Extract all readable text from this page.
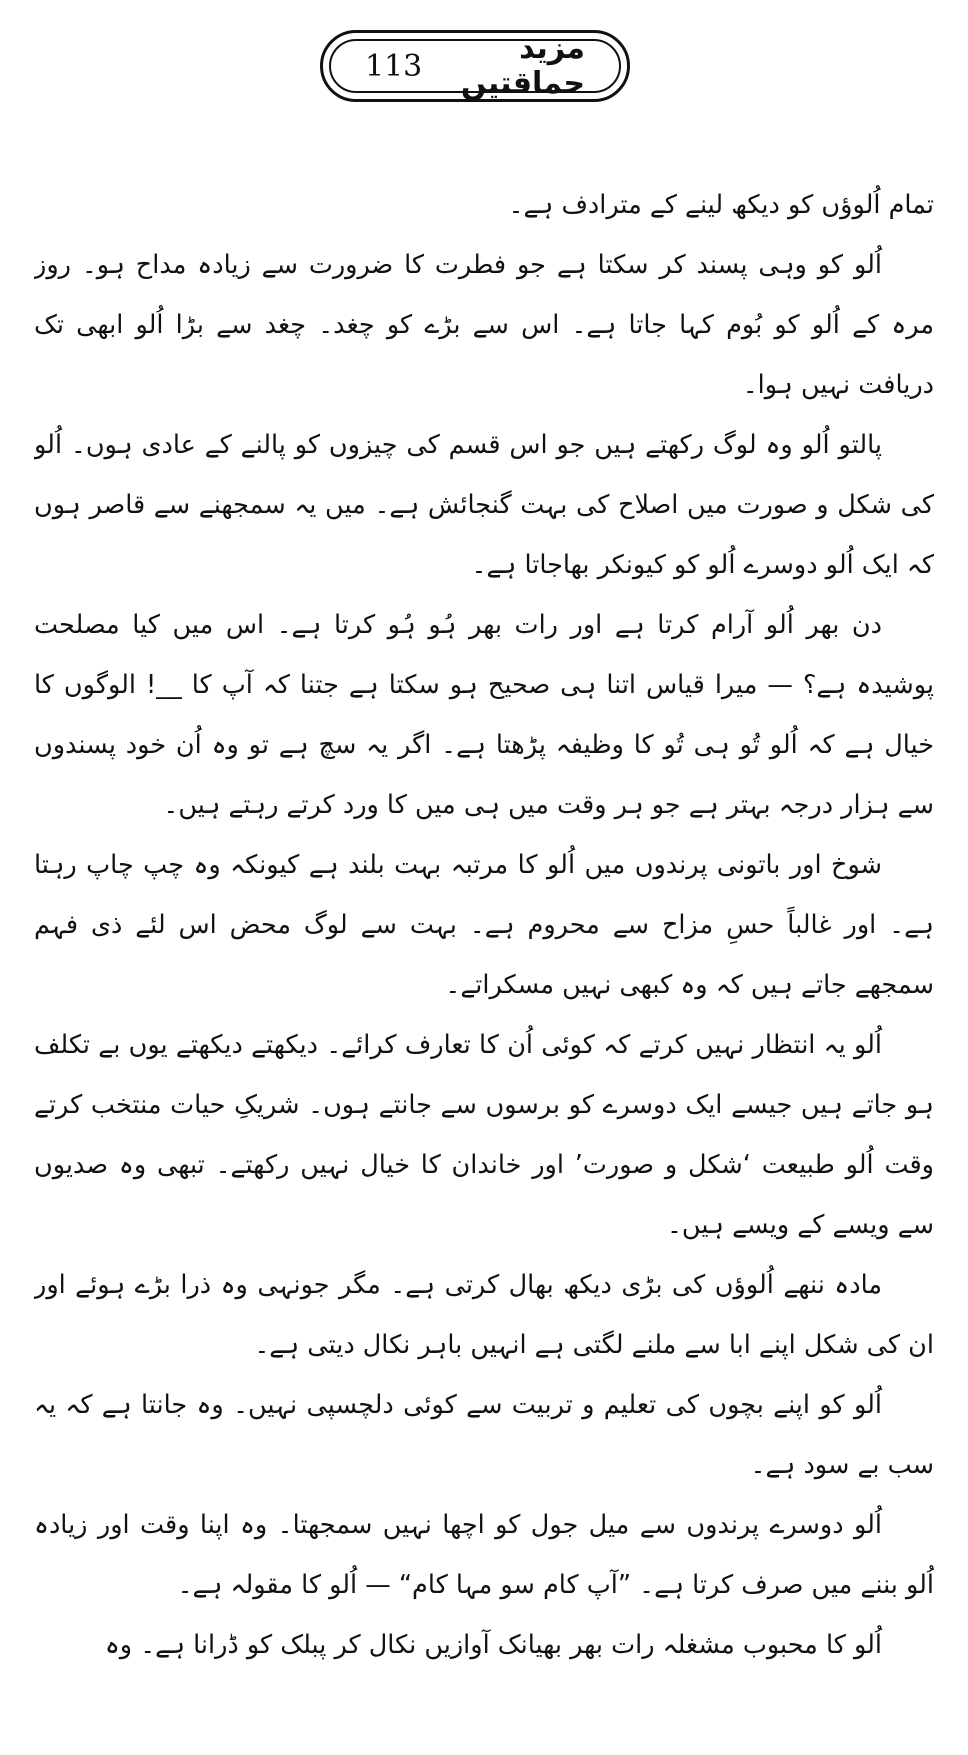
113	مزید حماقتیں

تمام اُلوؤں کو دیکھ لینے کے مترادف ہے۔

اُلو کو وہی پسند کر سکتا ہے جو فطرت کا ضرورت سے زیادہ مداح ہو۔ روز مرہ کے اُلو کو بُوم کہا جاتا ہے۔ اس سے بڑے کو چغد۔ چغد سے بڑا اُلو ابھی تک دریافت نہیں ہوا۔

پالتو اُلو وہ لوگ رکھتے ہیں جو اس قسم کی چیزوں کو پالنے کے عادی ہوں۔ اُلو کی شکل و صورت میں اصلاح کی بہت گنجائش ہے۔ میں یہ سمجھنے سے قاصر ہوں کہ ایک اُلو دوسرے اُلو کو کیونکر بھاجاتا ہے۔

دن بھر اُلو آرام کرتا ہے اور رات بھر ہُو ہُو کرتا ہے۔ اس میں کیا مصلحت پوشیدہ ہے؟ — میرا قیاس اتنا ہی صحیح ہو سکتا ہے جتنا کہ آپ کا __! الوگوں کا خیال ہے کہ اُلو تُو ہی تُو کا وظیفہ پڑھتا ہے۔ اگر یہ سچ ہے تو وہ اُن خود پسندوں سے ہزار درجہ بہتر ہے جو ہر وقت میں ہی میں کا ورد کرتے رہتے ہیں۔

شوخ اور باتونی پرندوں میں اُلو کا مرتبہ بہت بلند ہے کیونکہ وہ چپ چاپ رہتا ہے۔ اور غالباً حسِ مزاح سے محروم ہے۔ بہت سے لوگ محض اس لئے ذی فہم سمجھے جاتے ہیں کہ وہ کبھی نہیں مسکراتے۔

اُلو یہ انتظار نہیں کرتے کہ کوئی اُن کا تعارف کرائے۔ دیکھتے دیکھتے یوں بے تکلف ہو جاتے ہیں جیسے ایک دوسرے کو برسوں سے جانتے ہوں۔ شریکِ حیات منتخب کرتے وقت اُلو طبیعت ‘شکل و صورت’ اور خاندان کا خیال نہیں رکھتے۔ تبھی وہ صدیوں سے ویسے کے ویسے ہیں۔

مادہ ننھے اُلوؤں کی بڑی دیکھ بھال کرتی ہے۔ مگر جونہی وہ ذرا بڑے ہوئے اور ان کی شکل اپنے ابا سے ملنے لگتی ہے انہیں باہر نکال دیتی ہے۔

اُلو کو اپنے بچوں کی تعلیم و تربیت سے کوئی دلچسپی نہیں۔ وہ جانتا ہے کہ یہ سب بے سود ہے۔

اُلو دوسرے پرندوں سے میل جول کو اچھا نہیں سمجھتا۔ وہ اپنا وقت اور زیادہ اُلو بننے میں صرف کرتا ہے۔ ”آپ کام سو مہا کام“ — اُلو کا مقولہ ہے۔

اُلو کا محبوب مشغلہ رات بھر بھیانک آوازیں نکال کر پبلک کو ڈرانا ہے۔ وہ
